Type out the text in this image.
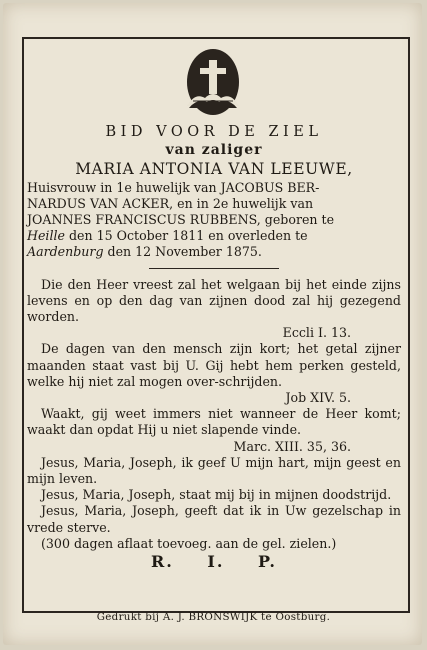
BID VOOR DE ZIEL
van zaliger
MARIA ANTONIA VAN LEEUWE,

Huisvrouw in 1e huwelijk van JACOBUS BER-

NARDUS VAN ACKER, en in 2e huwelijk van

JOANNES FRANCISCUS RUBBENS, geboren te

Heille den 15 October 1811 en overleden te

Aardenburg den 12 November 1875.

Die den Heer vreest zal het welgaan bij het einde zijns levens en op den dag van zijnen dood zal hij gezegend worden.

Eccli I. 13.

De dagen van den mensch zijn kort; het getal zijner maanden staat vast bij U. Gij hebt hem perken gesteld, welke hij niet zal mogen over-schrijden.

Job XIV. 5.

Waakt, gij weet immers niet wanneer de Heer komt; waakt dan opdat Hij u niet slapende vinde.

Marc. XIII. 35, 36.

Jesus, Maria, Joseph, ik geef U mijn hart, mijn geest en mijn leven.

Jesus, Maria, Joseph, staat mij bij in mijnen doodstrijd.

Jesus, Maria, Joseph, geeft dat ik in Uw gezelschap in vrede sterve.

(300 dagen aflaat toevoeg. aan de gel. zielen.)

R. I. P.
Gedrukt bij A. J. BRONSWIJK te Oostburg.
